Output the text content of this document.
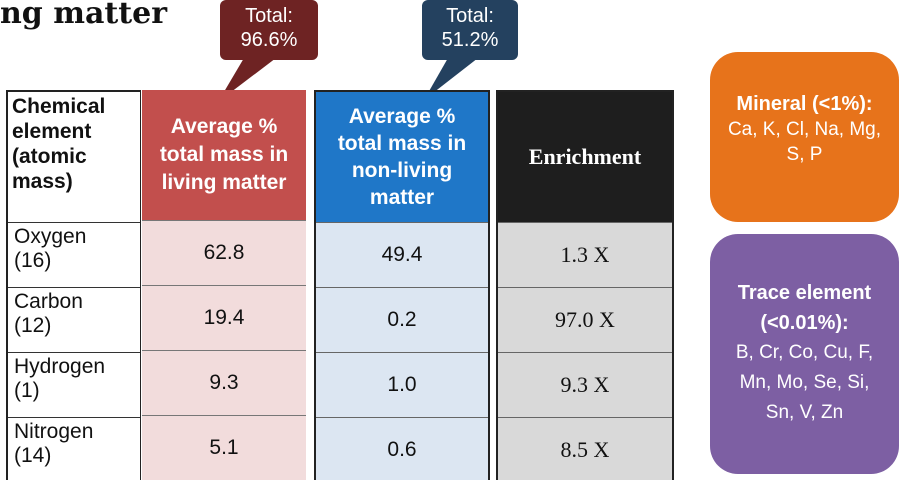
ng matter	Total:
96.6%
Total:
51.2%
Chemical
element
(atomic
mass)
Oxygen
(16)
Carbon
(12)
Hydrogen
(1)
Nitrogen
(14)
Average %
total mass in
living matter
62.8
19.4
9.3
5.1
Average %
total mass in
non-living
matter
49.4
0.2
1.0
0.6
Enrichment
1.3 X
97.0 X
9.3 X
8.5 X
Mineral (<1%):
Ca, K, Cl, Na, Mg,
S, P
Trace element
(<0.01%):
B, Cr, Co, Cu, F,
Mn, Mo, Se, Si,
Sn, V, Zn
